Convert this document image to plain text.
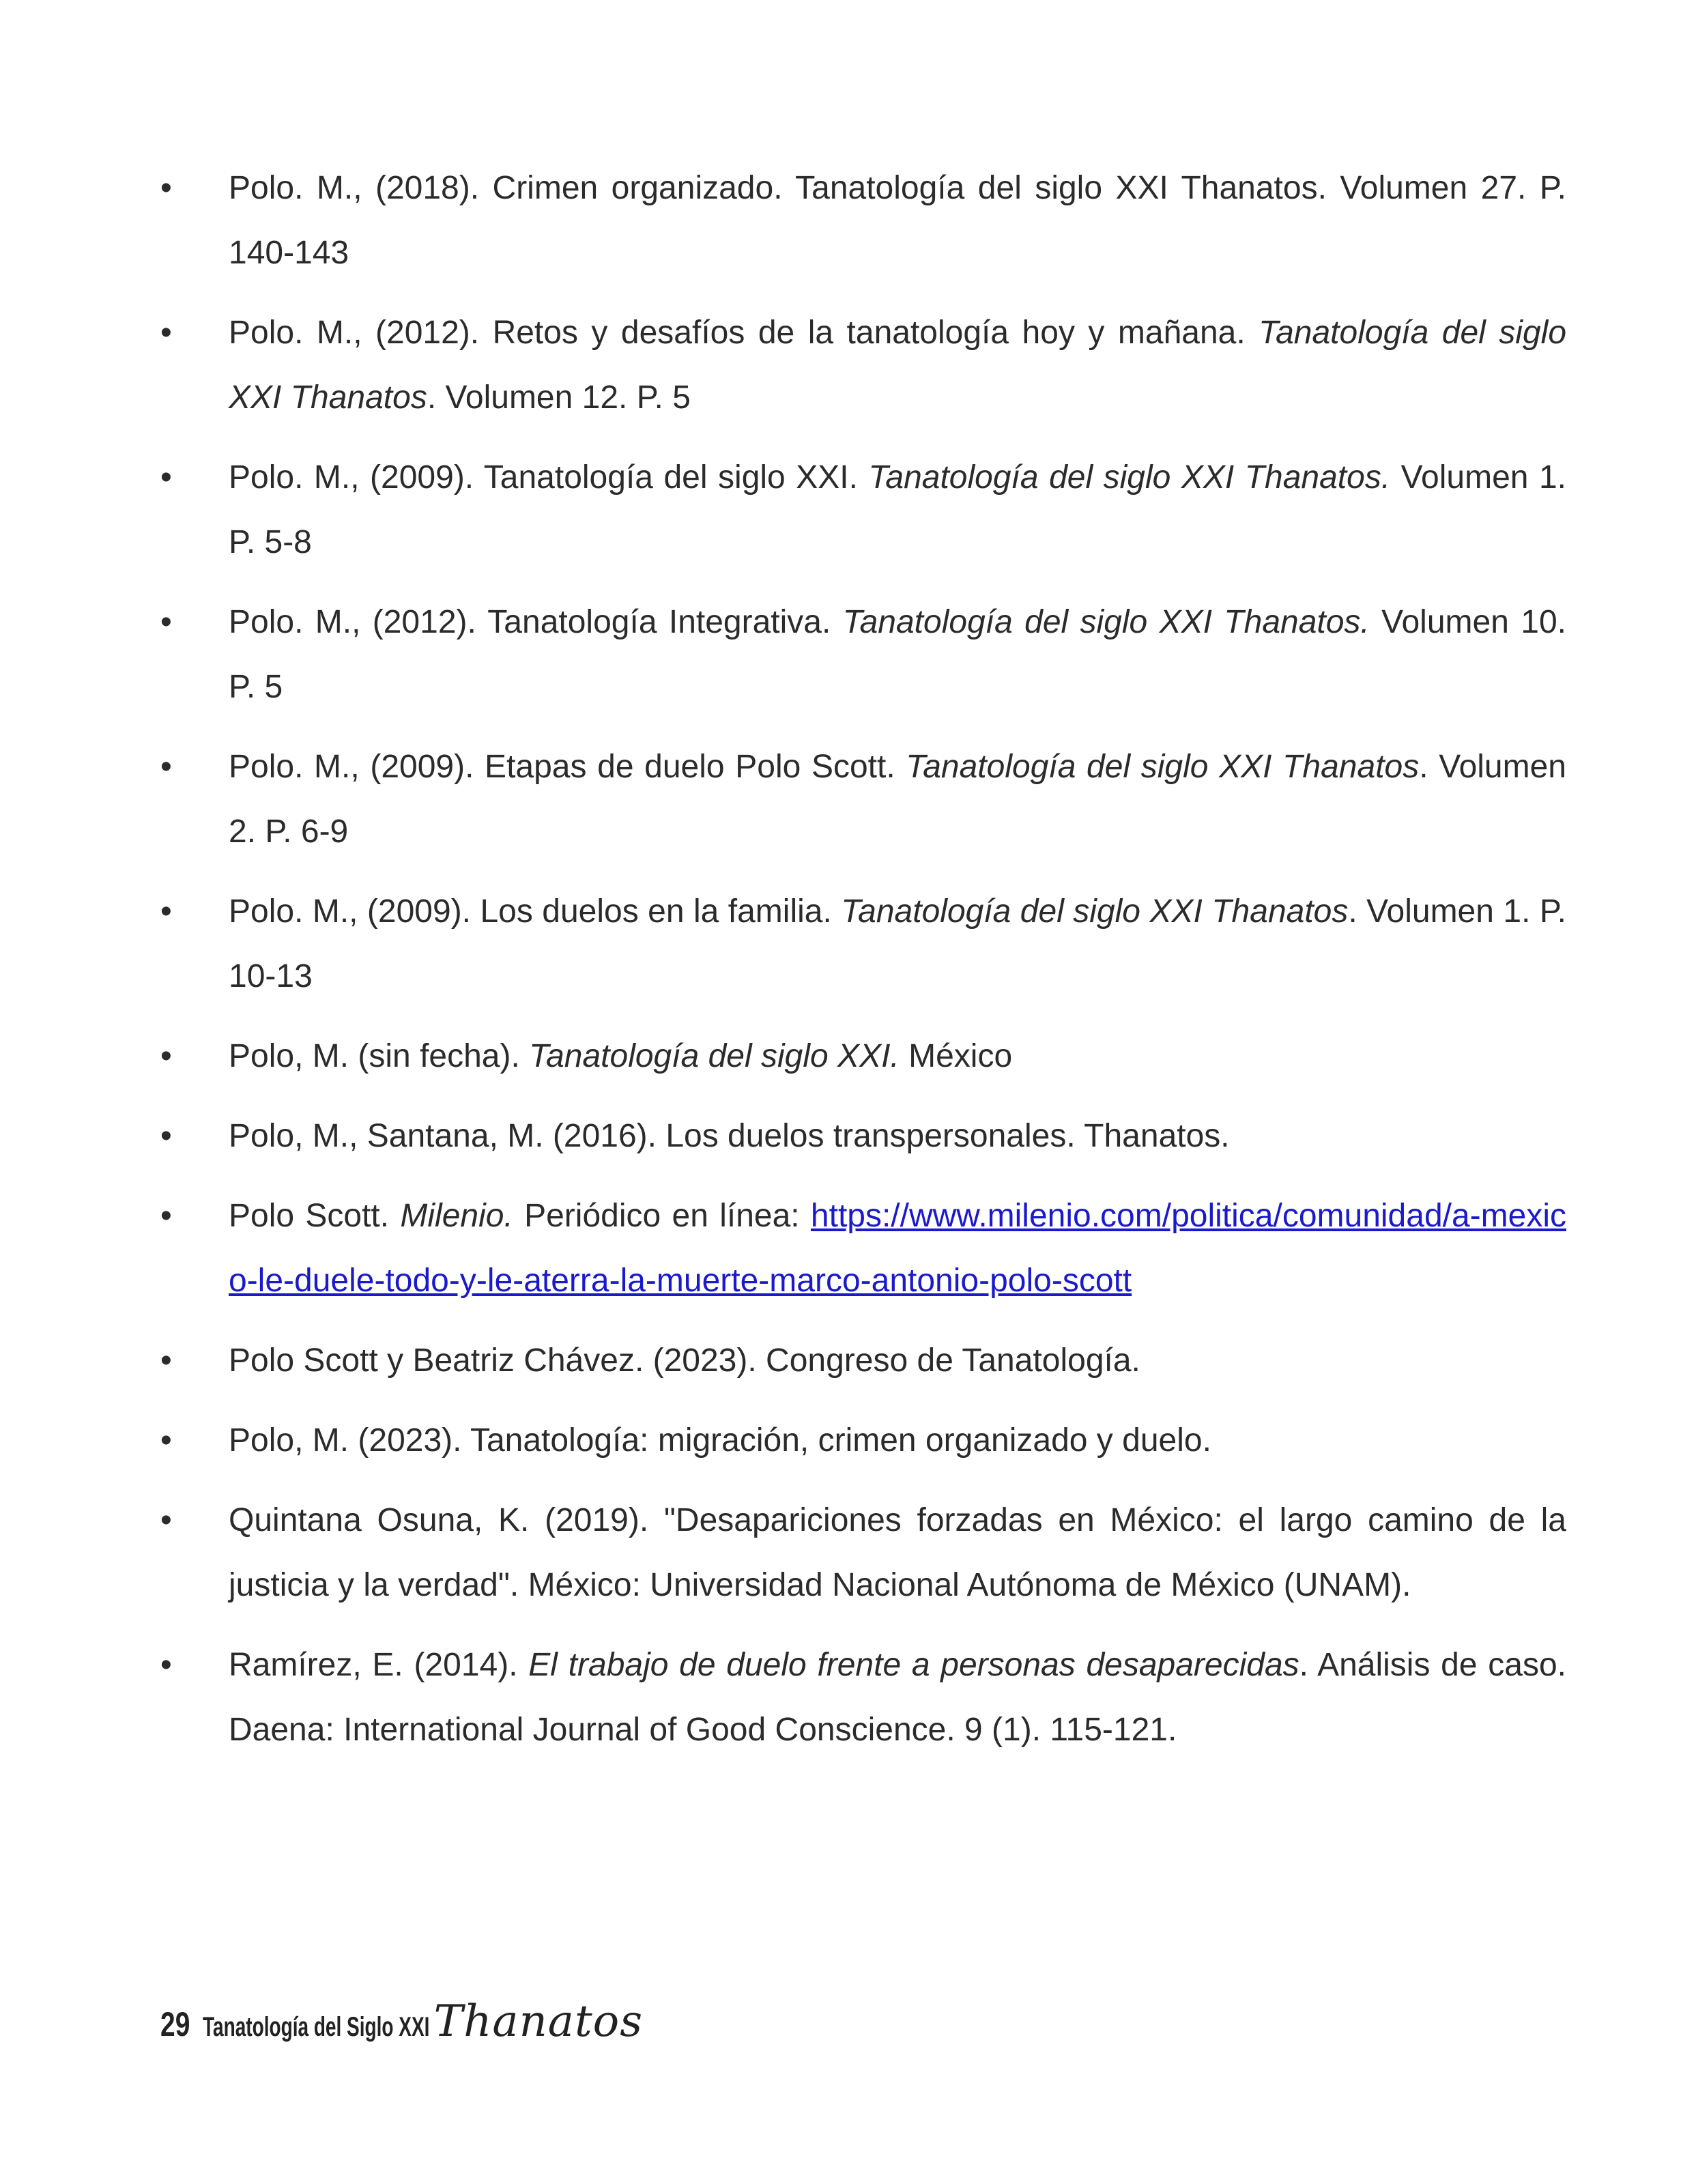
• Polo. M., (2018). Crimen organizado. Tanatología del siglo XXI Thanatos. Volumen 27. P. 140-143
• Polo. M., (2012). Retos y desafíos de la tanatología hoy y mañana. Tanatología del siglo XXI Thanatos. Volumen 12. P. 5
• Polo. M., (2009). Tanatología del siglo XXI. Tanatología del siglo XXI Thanatos. Volumen 1. P. 5-8
• Polo. M., (2012). Tanatología Integrativa. Tanatología del siglo XXI Thanatos. Volumen 10. P. 5
• Polo. M., (2009). Etapas de duelo Polo Scott. Tanatología del siglo XXI Thanatos. Volumen 2. P. 6-9
• Polo. M., (2009). Los duelos en la familia. Tanatología del siglo XXI Thanatos. Volumen 1. P. 10-13
• Polo, M. (sin fecha). Tanatología del siglo XXI. México
• Polo, M., Santana, M. (2016). Los duelos transpersonales. Thanatos.
• Polo Scott. Milenio. Periódico en línea: https://www.milenio.com/politica/comunidad/a-mexico-le-duele-todo-y-le-aterra-la-muerte-marco-antonio-polo-scott
• Polo Scott y Beatriz Chávez. (2023). Congreso de Tanatología.
• Polo, M. (2023). Tanatología: migración, crimen organizado y duelo.
• Quintana Osuna, K. (2019). "Desapariciones forzadas en México: el largo camino de la justicia y la verdad". México: Universidad Nacional Autónoma de México (UNAM).
• Ramírez, E. (2014). El trabajo de duelo frente a personas desaparecidas. Análisis de caso. Daena: International Journal of Good Conscience. 9 (1). 115-121.
29 Tanatología del Siglo XXI Thanatos
